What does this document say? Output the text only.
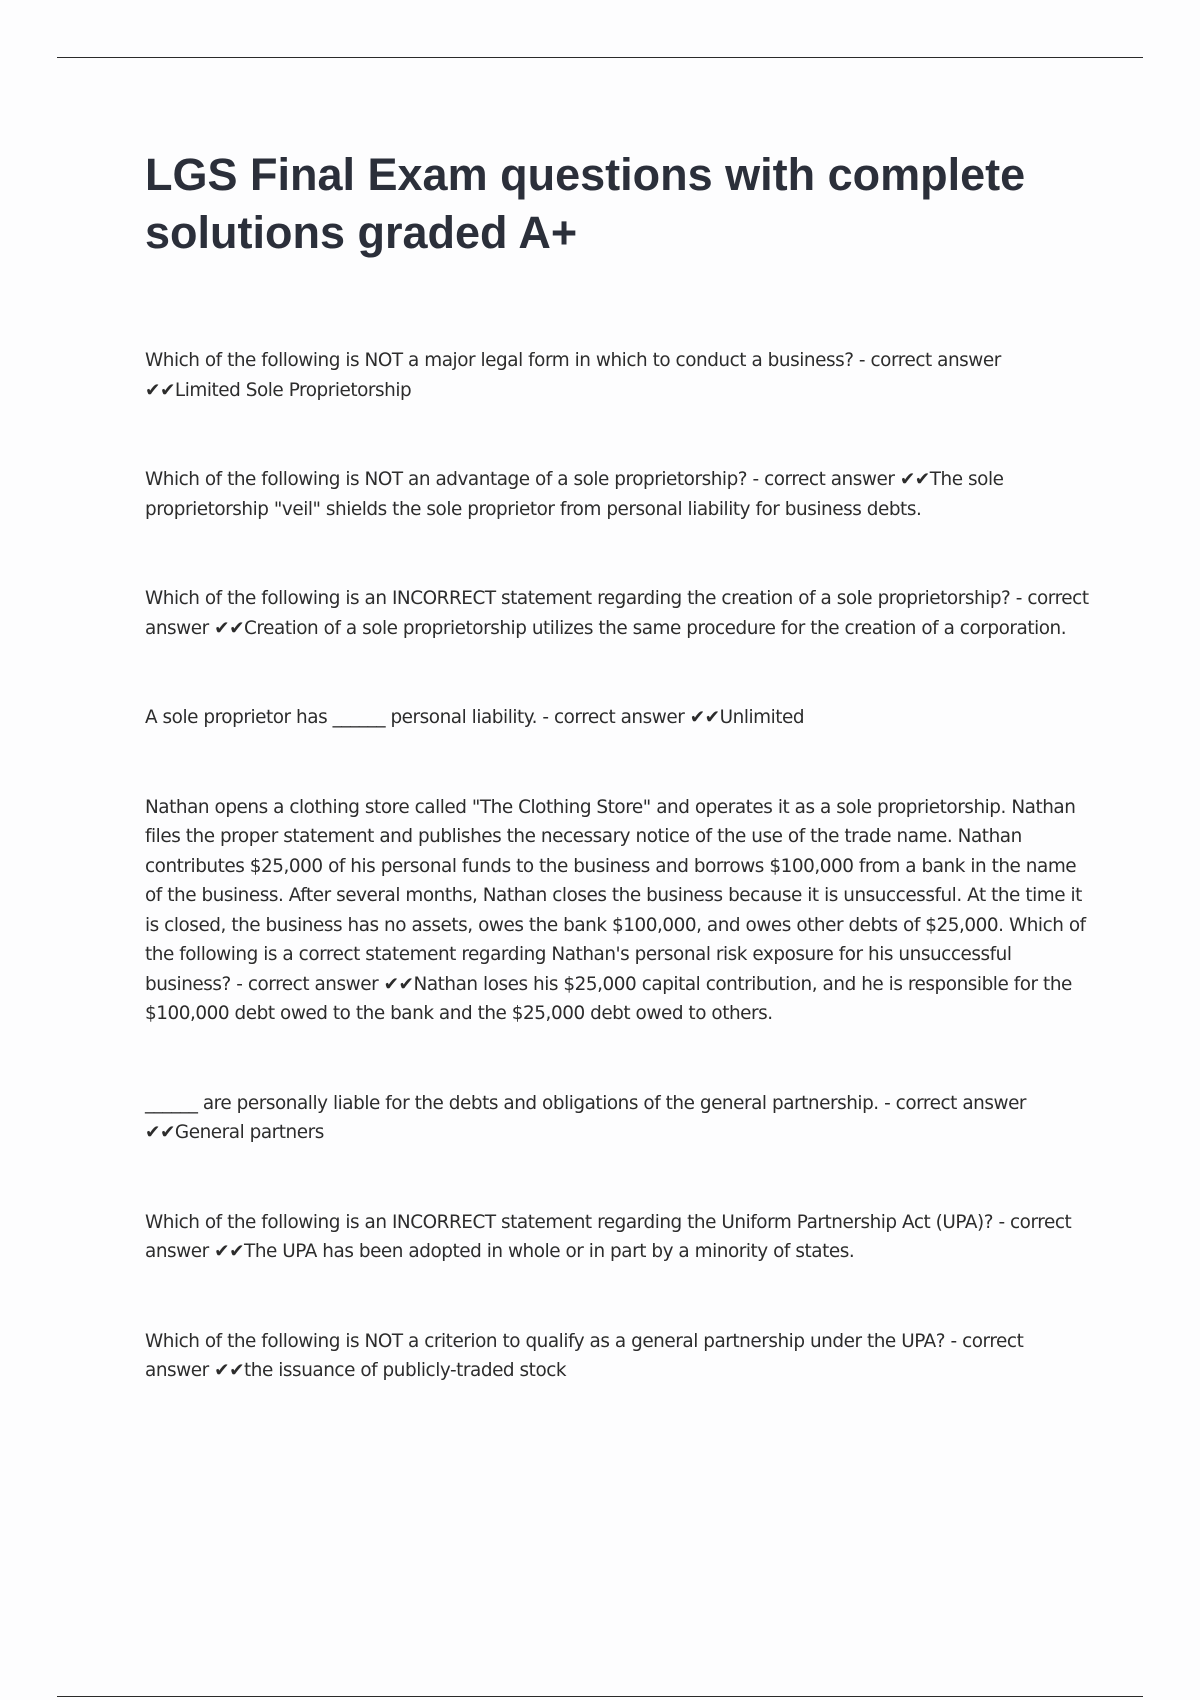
LGS Final Exam questions with complete solutions graded A+

Which of the following is NOT a major legal form in which to conduct a business? - correct answer ✔✔Limited Sole Proprietorship

Which of the following is NOT an advantage of a sole proprietorship? - correct answer ✔✔The sole proprietorship "veil" shields the sole proprietor from personal liability for business debts.

Which of the following is an INCORRECT statement regarding the creation of a sole proprietorship? - correct answer ✔✔Creation of a sole proprietorship utilizes the same procedure for the creation of a corporation.

A sole proprietor has ______ personal liability. - correct answer ✔✔Unlimited

Nathan opens a clothing store called "The Clothing Store" and operates it as a sole proprietorship. Nathan files the proper statement and publishes the necessary notice of the use of the trade name. Nathan contributes $25,000 of his personal funds to the business and borrows $100,000 from a bank in the name of the business. After several months, Nathan closes the business because it is unsuccessful. At the time it is closed, the business has no assets, owes the bank $100,000, and owes other debts of $25,000. Which of the following is a correct statement regarding Nathan's personal risk exposure for his unsuccessful business? - correct answer ✔✔Nathan loses his $25,000 capital contribution, and he is responsible for the $100,000 debt owed to the bank and the $25,000 debt owed to others.

______ are personally liable for the debts and obligations of the general partnership. - correct answer ✔✔General partners

Which of the following is an INCORRECT statement regarding the Uniform Partnership Act (UPA)? - correct answer ✔✔The UPA has been adopted in whole or in part by a minority of states.

Which of the following is NOT a criterion to qualify as a general partnership under the UPA? - correct answer ✔✔the issuance of publicly-traded stock
